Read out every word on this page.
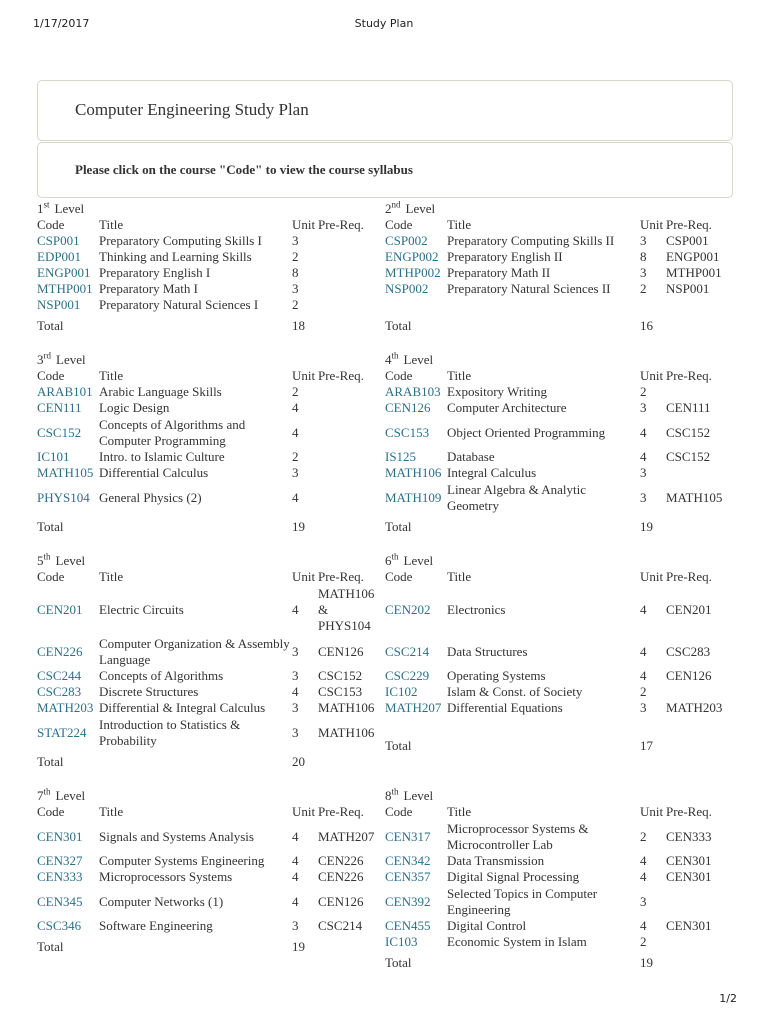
1/17/2017	Study Plan
Computer Engineering Study Plan

Please click on the course "Code" to view the course syllabus

1st Level
Code	Title	Unit	Pre-Req.
CSP001	Preparatory Computing Skills I	3	
EDP001	Thinking and Learning Skills	2	
ENGP001	Preparatory English I	8	
MTHP001	Preparatory Math I	3	
NSP001	Preparatory Natural Sciences I	2	
Total		18	
2nd Level
Code	Title	Unit	Pre-Req.
CSP002	Preparatory Computing Skills II	3	CSP001
ENGP002	Preparatory English II	8	ENGP001
MTHP002	Preparatory Math II	3	MTHP001
NSP002	Preparatory Natural Sciences II	2	NSP001

Total		16	
3rd Level
Code	Title	Unit	Pre-Req.
ARAB101	Arabic Language Skills	2	
CEN111	Logic Design	4	
CSC152	Concepts of Algorithms and Computer Programming	4	
IC101	Intro. to Islamic Culture	2	
MATH105	Differential Calculus	3	
PHYS104	General Physics (2)	4	
Total		19	
4th Level
Code	Title	Unit	Pre-Req.
ARAB103	Expository Writing	2	
CEN126	Computer Architecture	3	CEN111
CSC153	Object Oriented Programming	4	CSC152
IS125	Database	4	CSC152
MATH106	Integral Calculus	3	
MATH109	Linear Algebra & Analytic Geometry	3	MATH105
Total		19	
5th Level
Code	Title	Unit	Pre-Req.
CEN201	Electric Circuits	4	MATH106 & PHYS104
CEN226	Computer Organization & Assembly Language	3	CEN126
CSC244	Concepts of Algorithms	3	CSC152
CSC283	Discrete Structures	4	CSC153
MATH203	Differential & Integral Calculus	3	MATH106
STAT224	Introduction to Statistics & Probability	3	MATH106
Total		20	
6th Level
Code	Title	Unit	Pre-Req.
CEN202	Electronics	4	CEN201
CSC214	Data Structures	4	CSC283
CSC229	Operating Systems	4	CEN126
IC102	Islam & Const. of Society	2	
MATH207	Differential Equations	3	MATH203

Total		17	
7th Level
Code	Title	Unit	Pre-Req.
CEN301	Signals and Systems Analysis	4	MATH207
CEN327	Computer Systems Engineering	4	CEN226
CEN333	Microprocessors Systems	4	CEN226
CEN345	Computer Networks (1)	4	CEN126
CSC346	Software Engineering	3	CSC214
Total		19	
8th Level
Code	Title	Unit	Pre-Req.
CEN317	Microprocessor Systems & Microcontroller Lab	2	CEN333
CEN342	Data Transmission	4	CEN301
CEN357	Digital Signal Processing	4	CEN301
CEN392	Selected Topics in Computer Engineering	3	
CEN455	Digital Control	4	CEN301
IC103	Economic System in Islam	2	
Total		19	
1/2
